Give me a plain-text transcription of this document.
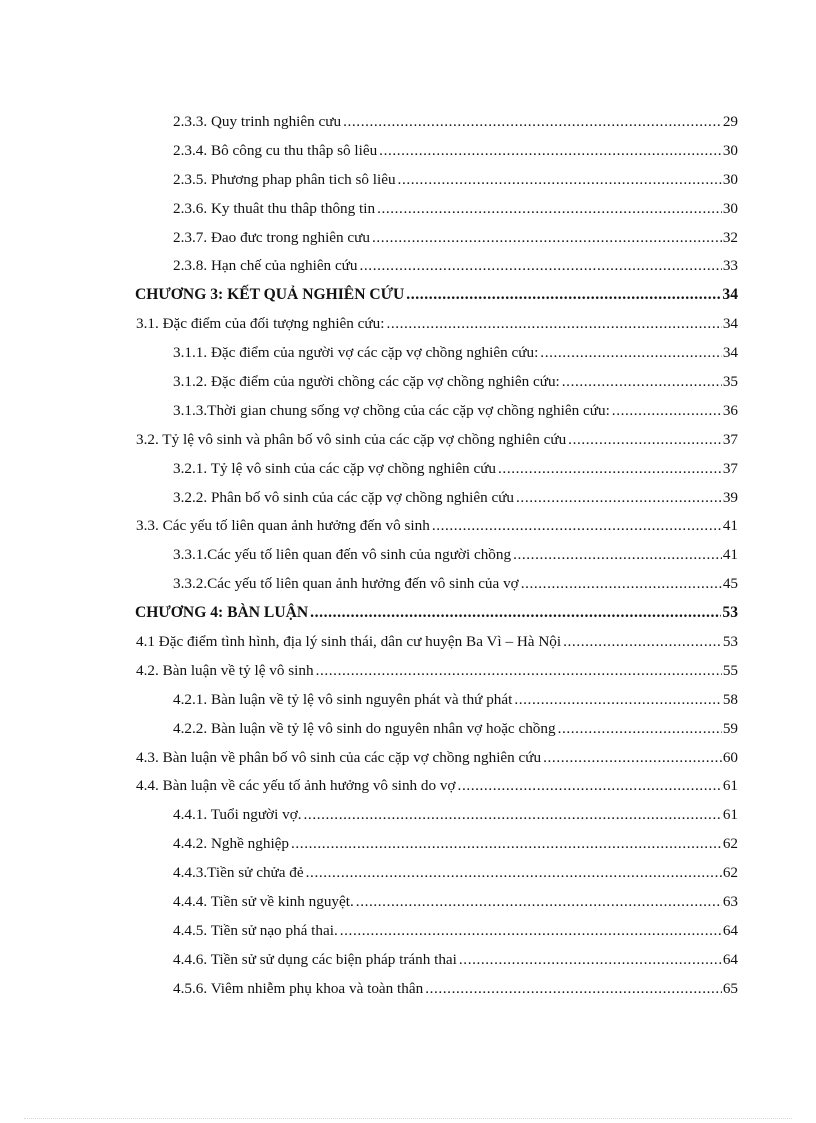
2.3.3. Quy trinh nghiên cưu .....	29
2.3.4. Bô công cu thu thâp sô liêu .....	30
2.3.5. Phương phap phân tich sô liêu .....	30
2.3.6. Ky thuât thu thâp thông tin .....	30
2.3.7. Đao đưc trong nghiên cưu .....	32
2.3.8. Hạn chế của nghiên cứu .....	33
CHƯƠNG 3: KẾT QUẢ NGHIÊN CỨU .....	34
3.1. Đặc điểm của đối tượng nghiên cứu: .....	34
3.1.1. Đặc điểm của người vợ các cặp vợ chồng nghiên cứu: .....	34
3.1.2. Đặc điểm của người chồng các cặp vợ chồng nghiên cứu: .....	35
3.1.3.Thời gian chung sống vợ chồng của các cặp vợ chồng nghiên cứu: .....	36
3.2. Tỷ lệ vô sinh và phân bố vô sinh của các cặp vợ chồng nghiên cứu .....	37
3.2.1. Tỷ lệ vô sinh của các cặp vợ chồng nghiên cứu .....	37
3.2.2. Phân bố vô sinh của các cặp vợ chồng nghiên cứu .....	39
3.3. Các yếu tố liên quan ảnh hưởng đến vô sinh .....	41
3.3.1.Các yếu tố liên quan đến vô sinh của người chồng .....	41
3.3.2.Các yếu tố liên quan ảnh hưởng đến vô sinh của vợ .....	45
CHƯƠNG 4: BÀN LUẬN .....	53
4.1 Đặc điểm tình hình, địa lý sinh thái, dân cư huyện Ba Vì – Hà Nội .....	53
4.2. Bàn luận về tỷ lệ vô sinh .....	55
4.2.1. Bàn luận về tỷ lệ vô sinh nguyên phát và thứ phát .....	58
4.2.2. Bàn luận về tỷ lệ vô sinh do nguyên nhân vợ hoặc chồng .....	59
4.3. Bàn luận về phân bố vô sinh của các cặp vợ chồng nghiên cứu .....	60
4.4. Bàn luận về các yếu tố ảnh hưởng vô sinh do vợ .....	61
4.4.1. Tuổi người vợ. .....	61
4.4.2. Nghề nghiệp .....	62
4.4.3.Tiền sử chửa đẻ .....	62
4.4.4. Tiền sử về kinh nguyệt. .....	63
4.4.5. Tiền sử nạo phá thai. .....	64
4.4.6. Tiền sử sử dụng các biện pháp tránh thai .....	64
4.5.6. Viêm nhiễm phụ khoa và toàn thân .....	65
